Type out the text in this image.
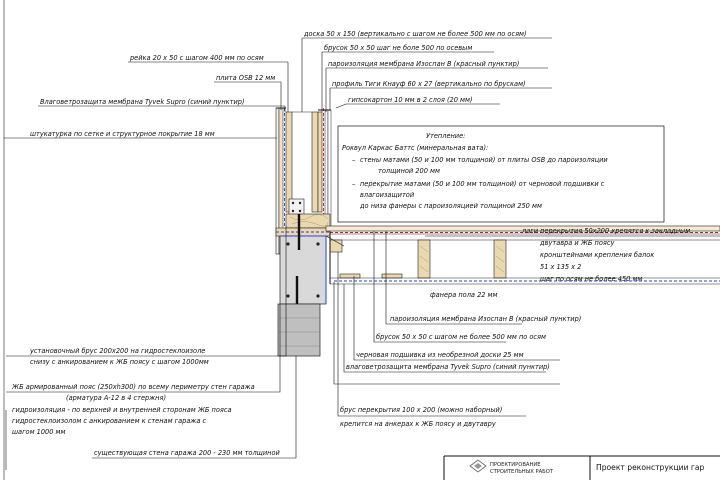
Утепление:
Роквул Каркас Баттс (минеральная вата):
– стены матами (50 и 100 мм толщиной) от плиты OSB до пароизоляции
толщиной 200 мм
– перекрытие матами (50 и 100 мм толщиной) от черновой подшивки с
влагоизащитой
до низа фанеры с пароизоляцией толщиной 250 мм
доска 50 х 150 (вертикально с шагом не более 500 мм по осям)
брусок 50 х 50 шаг не боле 500 по осевым
рейка 20 х 50 с шагом 400 мм по осям
пароизоляция мембрана Изоспан В (красный пунктир)
плита OSB 12 мм
профиль Тиги Кнауф 60 х 27 (вертикально по брускам)
Влаговетрозащита мембрана Tyvek Supro (синий пунктир)	гипсокартон 10 мм в 2 слоя (20 мм)
штукатурка по сетке и структурное покрытие 18 мм
лаги перекрытия 50х200 крепятся к закладным
двутавра и ЖБ поясу
кронштейнами крепления балок
51 х 135 х 2
шаг по осям не более 450 мм
фанера пола 22 мм
пароизоляция мембрана Изоспан В (красный пунктир)
брусок 50 х 50 с шагом не более 500 мм по осям
черновая подшивка из необрезной доски 25 мм
влаговетрозащита мембрана Tyvek Supro (синий пунктир)
брус перекрытия 100 х 200 (можно наборный)
крепится на анкерах к ЖБ поясу и двутавру
установочный брус 200х200 на гидростеклоизоле
снизу с анкированием к ЖБ поясу с шагом 1000мм
ЖБ армированный пояс (250хh300) по всему периметру стен гаража
(арматура А-12 в 4 стержня)
гидроизоляция - по верхней и внутренней сторонам ЖБ пояса
гидростеклоизолом с анкированием к стенам гаража с
шагом 1000 мм
существующая стена гаража 200 - 230 мм толщиной
ПРОЕКТИРОВАНИЕ
СТРОИТЕЛЬНЫХ РАБОТ	Проект реконструкции гар
